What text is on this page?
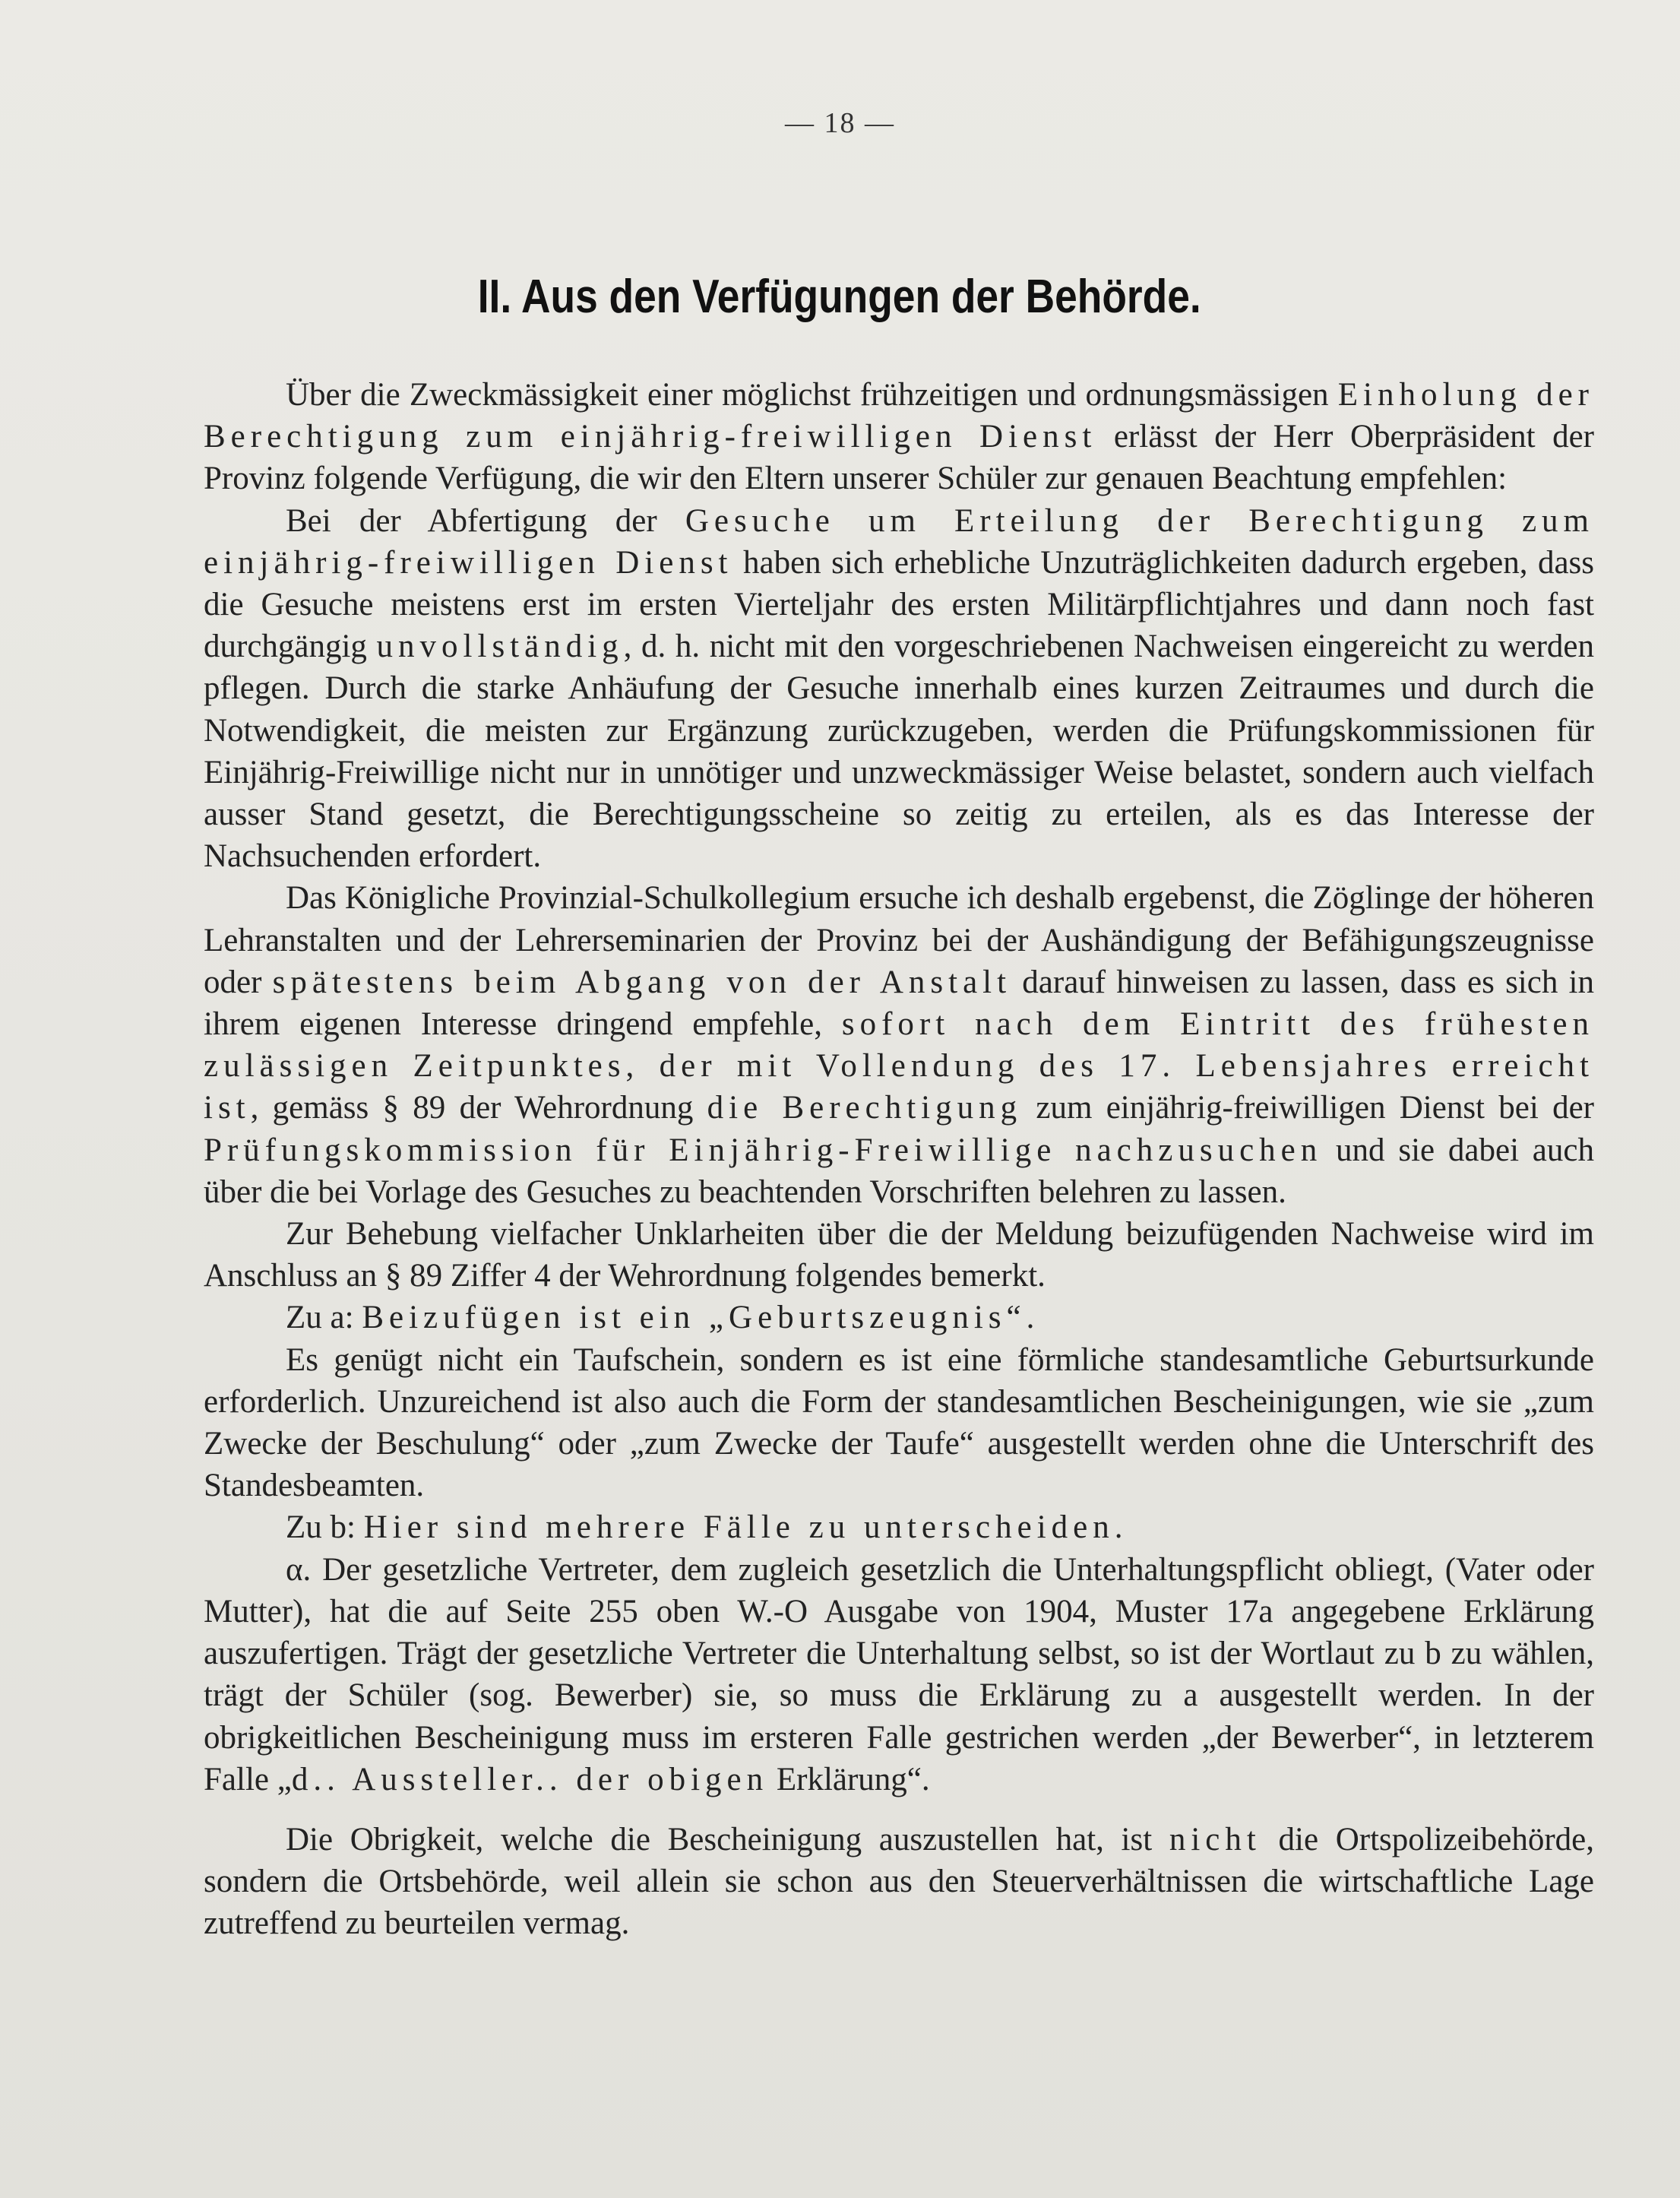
— 18 —
II. Aus den Verfügungen der Behörde.

Über die Zweckmässigkeit einer möglichst frühzeitigen und ordnungsmässigen Einholung der Berechtigung zum einjährig-freiwilligen Dienst erlässt der Herr Oberpräsident der Provinz folgende Verfügung, die wir den Eltern unserer Schüler zur genauen Beachtung empfehlen:

Bei der Abfertigung der Gesuche um Erteilung der Berechtigung zum einjährig-freiwilligen Dienst haben sich erhebliche Unzuträglichkeiten dadurch ergeben, dass die Gesuche meistens erst im ersten Vierteljahr des ersten Militärpflichtjahres und dann noch fast durchgängig unvollständig, d. h. nicht mit den vorgeschriebenen Nachweisen eingereicht zu werden pflegen. Durch die starke Anhäufung der Gesuche innerhalb eines kurzen Zeitraumes und durch die Notwendigkeit, die meisten zur Ergänzung zurückzugeben, werden die Prüfungskommissionen für Einjährig-Freiwillige nicht nur in unnötiger und unzweckmässiger Weise belastet, sondern auch vielfach ausser Stand gesetzt, die Berechtigungsscheine so zeitig zu erteilen, als es das Interesse der Nachsuchenden erfordert.

Das Königliche Provinzial-Schulkollegium ersuche ich deshalb ergebenst, die Zöglinge der höheren Lehranstalten und der Lehrerseminarien der Provinz bei der Aushändigung der Befähigungszeugnisse oder spätestens beim Abgang von der Anstalt darauf hinweisen zu lassen, dass es sich in ihrem eigenen Interesse dringend empfehle, sofort nach dem Eintritt des frühesten zulässigen Zeitpunktes, der mit Vollendung des 17. Lebensjahres erreicht ist, gemäss § 89 der Wehrordnung die Berechtigung zum einjährig-freiwilligen Dienst bei der Prüfungskommission für Einjährig-Freiwillige nachzusuchen und sie dabei auch über die bei Vorlage des Gesuches zu beachtenden Vorschriften belehren zu lassen.

Zur Behebung vielfacher Unklarheiten über die der Meldung beizufügenden Nachweise wird im Anschluss an § 89 Ziffer 4 der Wehrordnung folgendes bemerkt.

Zu a: Beizufügen ist ein „Geburtszeugnis“.

Es genügt nicht ein Taufschein, sondern es ist eine förmliche standesamtliche Geburtsurkunde erforderlich. Unzureichend ist also auch die Form der standesamtlichen Bescheinigungen, wie sie „zum Zwecke der Beschulung“ oder „zum Zwecke der Taufe“ ausgestellt werden ohne die Unterschrift des Standesbeamten.

Zu b: Hier sind mehrere Fälle zu unterscheiden.

α. Der gesetzliche Vertreter, dem zugleich gesetzlich die Unterhaltungspflicht obliegt, (Vater oder Mutter), hat die auf Seite 255 oben W.-O Ausgabe von 1904, Muster 17a angegebene Erklärung auszufertigen. Trägt der gesetzliche Vertreter die Unterhaltung selbst, so ist der Wortlaut zu b zu wählen, trägt der Schüler (sog. Bewerber) sie, so muss die Erklärung zu a ausgestellt werden. In der obrigkeitlichen Bescheinigung muss im ersteren Falle gestrichen werden „der Bewerber“, in letzterem Falle „d.. Aussteller.. der obigen Erklärung“.

Die Obrigkeit, welche die Bescheinigung auszustellen hat, ist nicht die Ortspolizeibehörde, sondern die Ortsbehörde, weil allein sie schon aus den Steuerverhältnissen die wirtschaftliche Lage zutreffend zu beurteilen vermag.
